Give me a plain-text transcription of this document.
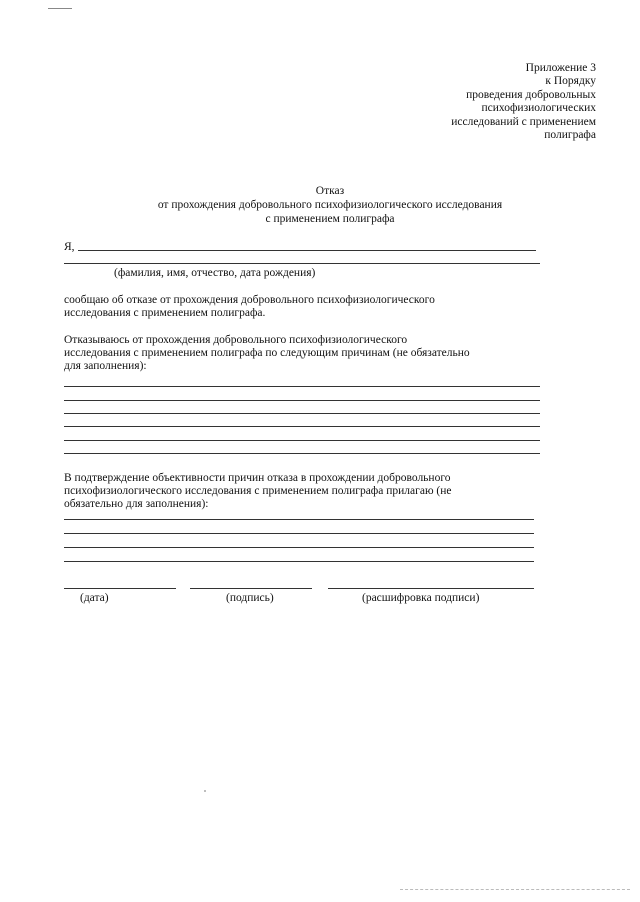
Приложение 3
к Порядку
проведения добровольных
психофизиологических
исследований с применением
полиграфа
Отказ
от прохождения добровольного психофизиологического исследования
с применением полиграфа
Я,
(фамилия, имя, отчество, дата рождения)
сообщаю об отказе от прохождения добровольного психофизиологического
исследования с применением полиграфа.
Отказываюсь от прохождения добровольного психофизиологического
исследования с применением полиграфа по следующим причинам (не обязательно
для заполнения):
В подтверждение объективности причин отказа в прохождении добровольного
психофизиологического исследования с применением полиграфа прилагаю (не
обязательно для заполнения):
(дата)	(подпись)	(расшифровка подписи)
